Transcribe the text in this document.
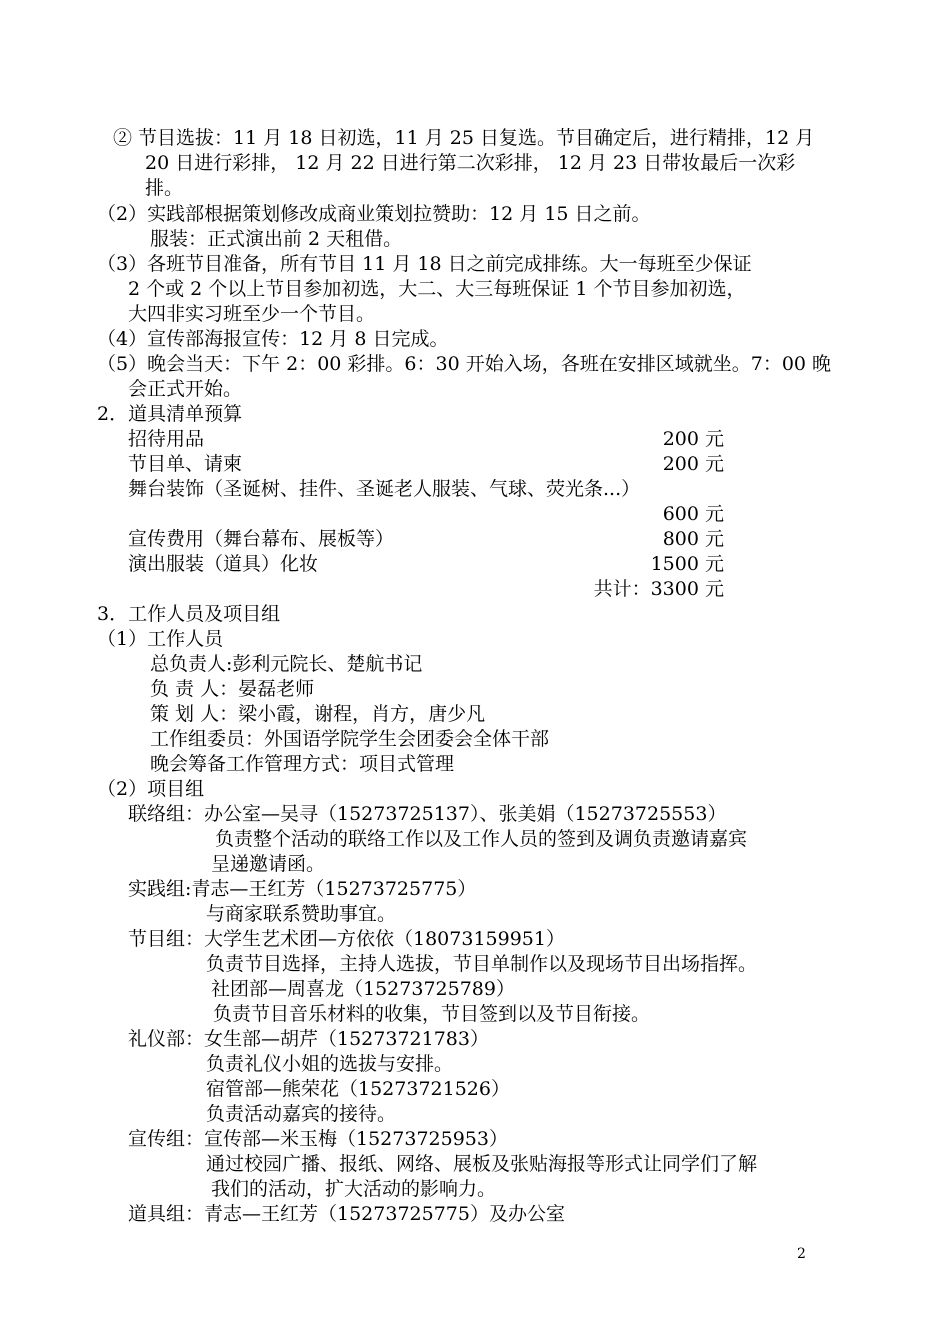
② 节目选拔：11 月 18 日初选，11 月 25 日复选。节目确定后，进行精排，12 月
20 日进行彩排， 12 月 22 日进行第二次彩排， 12 月 23 日带妆最后一次彩
排。
（2）实践部根据策划修改成商业策划拉赞助：12 月 15 日之前。
服装：正式演出前 2 天租借。
（3）各班节目准备，所有节目 11 月 18 日之前完成排练。大一每班至少保证
2 个或 2 个以上节目参加初选，大二、大三每班保证 1 个节目参加初选，
大四非实习班至少一个节目。
（4）宣传部海报宣传：12 月 8 日完成。
（5）晚会当天：下午 2：00 彩排。6：30 开始入场，各班在安排区域就坐。7：00 晚
会正式开始。
2．道具清单预算
招待用品	200 元
节目单、请柬	200 元
舞台装饰（圣诞树、挂件、圣诞老人服装、气球、荧光条...）
600 元
宣传费用（舞台幕布、展板等）	800 元
演出服装（道具）化妆	1500 元
共计：3300 元
3．工作人员及项目组
（1）工作人员
总负责人:彭利元院长、楚航书记
负 责 人：晏磊老师
策 划 人：梁小霞，谢程，肖方，唐少凡
工作组委员：外国语学院学生会团委会全体干部
晚会筹备工作管理方式：项目式管理
（2）项目组
联络组：办公室—吴寻（15273725137）、张美娟（15273725553）
负责整个活动的联络工作以及工作人员的签到及调负责邀请嘉宾
呈递邀请函。
实践组:青志—王红芳（15273725775）
与商家联系赞助事宜。
节目组：大学生艺术团—方依依（18073159951）
负责节目选择，主持人选拔，节目单制作以及现场节目出场指挥。
社团部—周喜龙（15273725789）
负责节目音乐材料的收集，节目签到以及节目衔接。
礼仪部：女生部—胡芹（15273721783）
负责礼仪小姐的选拔与安排。
宿管部—熊荣花（15273721526）
负责活动嘉宾的接待。
宣传组：宣传部—米玉梅（15273725953）
通过校园广播、报纸、网络、展板及张贴海报等形式让同学们了解
我们的活动，扩大活动的影响力。
道具组：青志—王红芳（15273725775）及办公室
2
